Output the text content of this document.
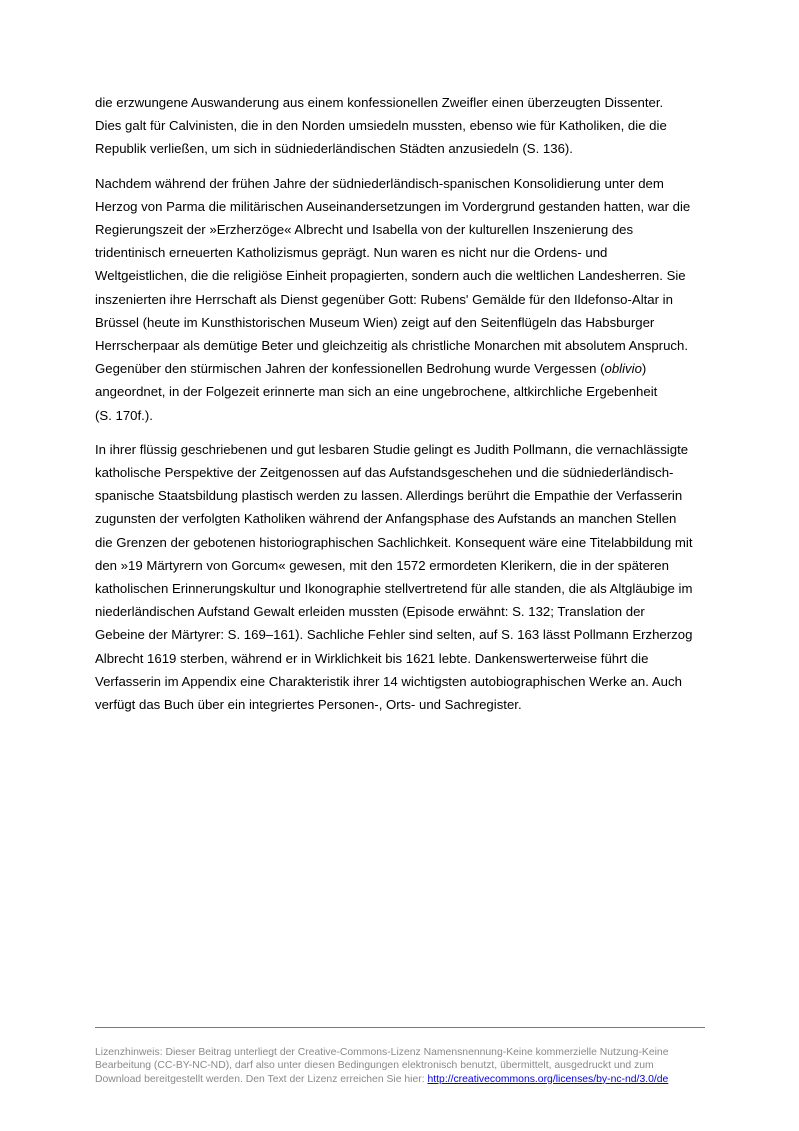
die erzwungene Auswanderung aus einem konfessionellen Zweifler einen überzeugten Dissenter.
Dies galt für Calvinisten, die in den Norden umsiedeln mussten, ebenso wie für Katholiken, die die
Republik verließen, um sich in südniederländischen Städten anzusiedeln (S. 136).

Nachdem während der frühen Jahre der südniederländisch-spanischen Konsolidierung unter dem
Herzog von Parma die militärischen Auseinandersetzungen im Vordergrund gestanden hatten, war die
Regierungszeit der »Erzherzöge« Albrecht und Isabella von der kulturellen Inszenierung des
tridentinisch erneuerten Katholizismus geprägt. Nun waren es nicht nur die Ordens- und
Weltgeistlichen, die die religiöse Einheit propagierten, sondern auch die weltlichen Landesherren. Sie
inszenierten ihre Herrschaft als Dienst gegenüber Gott: Rubens' Gemälde für den Ildefonso-Altar in
Brüssel (heute im Kunsthistorischen Museum Wien) zeigt auf den Seitenflügeln das Habsburger
Herrscherpaar als demütige Beter und gleichzeitig als christliche Monarchen mit absolutem Anspruch.
Gegenüber den stürmischen Jahren der konfessionellen Bedrohung wurde Vergessen (oblivio)
angeordnet, in der Folgezeit erinnerte man sich an eine ungebrochene, altkirchliche Ergebenheit
(S. 170f.).

In ihrer flüssig geschriebenen und gut lesbaren Studie gelingt es Judith Pollmann, die vernachlässigte
katholische Perspektive der Zeitgenossen auf das Aufstandsgeschehen und die südniederländisch-
spanische Staatsbildung plastisch werden zu lassen. Allerdings berührt die Empathie der Verfasserin
zugunsten der verfolgten Katholiken während der Anfangsphase des Aufstands an manchen Stellen
die Grenzen der gebotenen historiographischen Sachlichkeit. Konsequent wäre eine Titelabbildung mit
den »19 Märtyrern von Gorcum« gewesen, mit den 1572 ermordeten Klerikern, die in der späteren
katholischen Erinnerungskultur und Ikonographie stellvertretend für alle standen, die als Altgläubige im
niederländischen Aufstand Gewalt erleiden mussten (Episode erwähnt: S. 132; Translation der
Gebeine der Märtyrer: S. 169–161). Sachliche Fehler sind selten, auf S. 163 lässt Pollmann Erzherzog
Albrecht 1619 sterben, während er in Wirklichkeit bis 1621 lebte. Dankenswerterweise führt die
Verfasserin im Appendix eine Charakteristik ihrer 14 wichtigsten autobiographischen Werke an. Auch
verfügt das Buch über ein integriertes Personen-, Orts- und Sachregister.

Lizenzhinweis: Dieser Beitrag unterliegt der Creative-Commons-Lizenz Namensnennung-Keine kommerzielle Nutzung-Keine
Bearbeitung (CC-BY-NC-ND), darf also unter diesen Bedingungen elektronisch benutzt, übermittelt, ausgedruckt und zum
Download bereitgestellt werden. Den Text der Lizenz erreichen Sie hier: http://creativecommons.org/licenses/by-nc-nd/3.0/de
